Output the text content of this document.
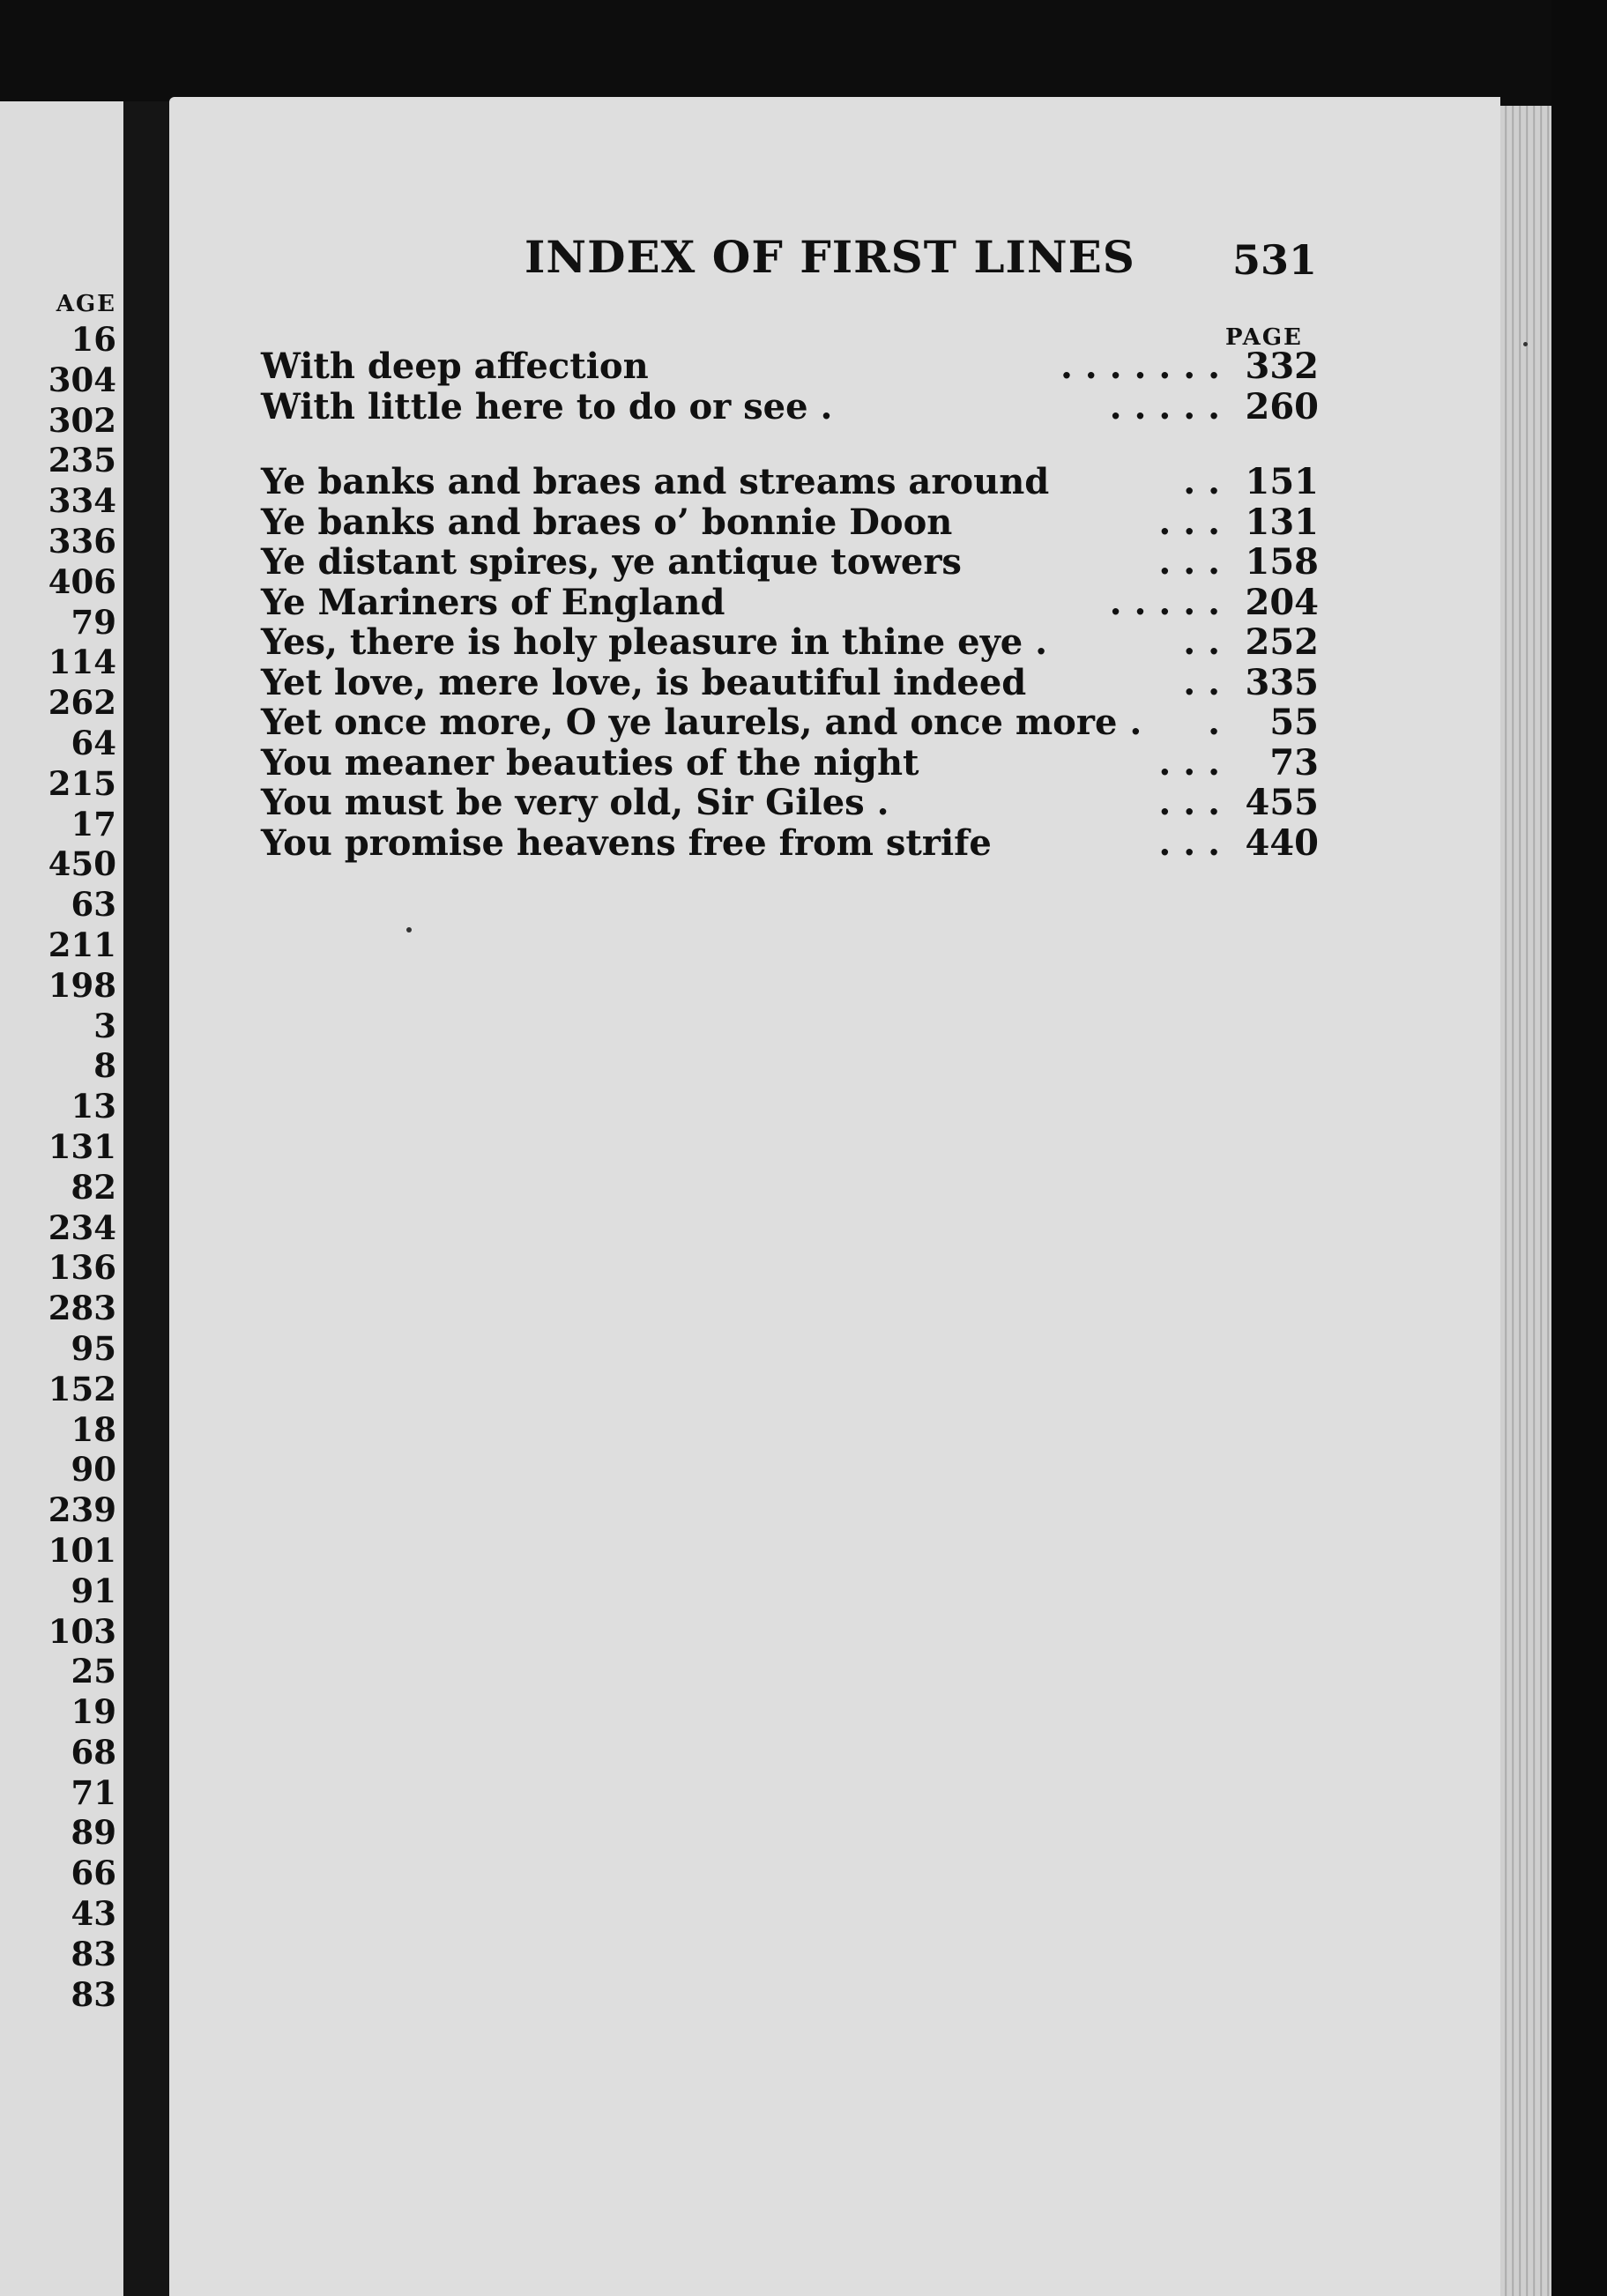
AGE
16
304
302
235
334
336
406
79
114
262
64
215
17
450
63
211
198
3
8
13
131
82
234
136
283
95
152
18
90
239
101
91
103
25
19
68
71
89
66
43
83
83
INDEX OF FIRST LINES 531
PAGE
With deep affection	. . . . . . . 332
With little here to do or see .	. . . . . 260
Ye banks and braes and streams around	. . 151
Ye banks and braes o’ bonnie Doon	. . . 131
Ye distant spires, ye antique towers	. . . 158
Ye Mariners of England	. . . . . 204
Yes, there is holy pleasure in thine eye .	. . 252
Yet love, mere love, is beautiful indeed	. . 335
Yet once more, O ye laurels, and once more . .	55
You meaner beauties of the night	. . .	73
You must be very old, Sir Giles .	. . . 455
You promise heavens free from strife	. . . 440
